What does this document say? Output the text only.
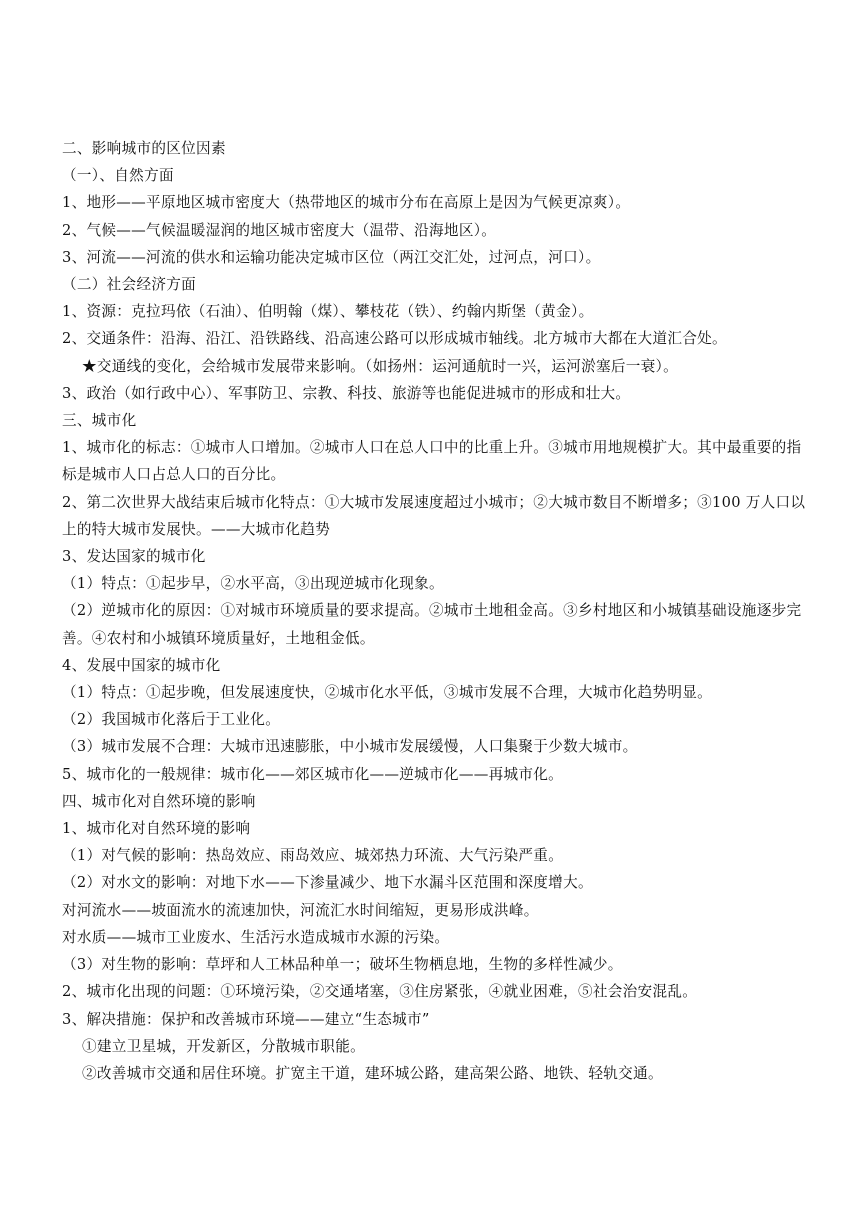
二、影响城市的区位因素
（一）、自然方面
1、地形——平原地区城市密度大（热带地区的城市分布在高原上是因为气候更凉爽）。
2、气候——气候温暖湿润的地区城市密度大（温带、沿海地区）。
3、河流——河流的供水和运输功能决定城市区位（两江交汇处，过河点，河口）。
（二）社会经济方面
1、资源：克拉玛依（石油）、伯明翰（煤）、攀枝花（铁）、约翰内斯堡（黄金）。
2、交通条件：沿海、沿江、沿铁路线、沿高速公路可以形成城市轴线。北方城市大都在大道汇合处。
★交通线的变化，会给城市发展带来影响。（如扬州：运河通航时一兴，运河淤塞后一衰）。
3、政治（如行政中心）、军事防卫、宗教、科技、旅游等也能促进城市的形成和壮大。
三、城市化
1、城市化的标志：①城市人口增加。②城市人口在总人口中的比重上升。③城市用地规模扩大。其中最重要的指标是城市人口占总人口的百分比。
2、第二次世界大战结束后城市化特点：①大城市发展速度超过小城市；②大城市数目不断增多；③100 万人口以上的特大城市发展快。——大城市化趋势
3、发达国家的城市化
（1）特点：①起步早，②水平高，③出现逆城市化现象。
（2）逆城市化的原因：①对城市环境质量的要求提高。②城市土地租金高。③乡村地区和小城镇基础设施逐步完善。④农村和小城镇环境质量好，土地租金低。
4、发展中国家的城市化
（1）特点：①起步晚，但发展速度快，②城市化水平低，③城市发展不合理，大城市化趋势明显。
（2）我国城市化落后于工业化。
（3）城市发展不合理：大城市迅速膨胀，中小城市发展缓慢，人口集聚于少数大城市。
5、城市化的一般规律：城市化——郊区城市化——逆城市化——再城市化。
四、城市化对自然环境的影响
1、城市化对自然环境的影响
（1）对气候的影响：热岛效应、雨岛效应、城郊热力环流、大气污染严重。
（2）对水文的影响：对地下水——下渗量减少、地下水漏斗区范围和深度增大。
对河流水——坡面流水的流速加快，河流汇水时间缩短，更易形成洪峰。
对水质——城市工业废水、生活污水造成城市水源的污染。
（3）对生物的影响：草坪和人工林品种单一；破坏生物栖息地，生物的多样性减少。
2、城市化出现的问题：①环境污染，②交通堵塞，③住房紧张，④就业困难，⑤社会治安混乱。
3、解决措施：保护和改善城市环境——建立“生态城市”
①建立卫星城，开发新区，分散城市职能。
②改善城市交通和居住环境。扩宽主干道，建环城公路，建高架公路、地铁、轻轨交通。
